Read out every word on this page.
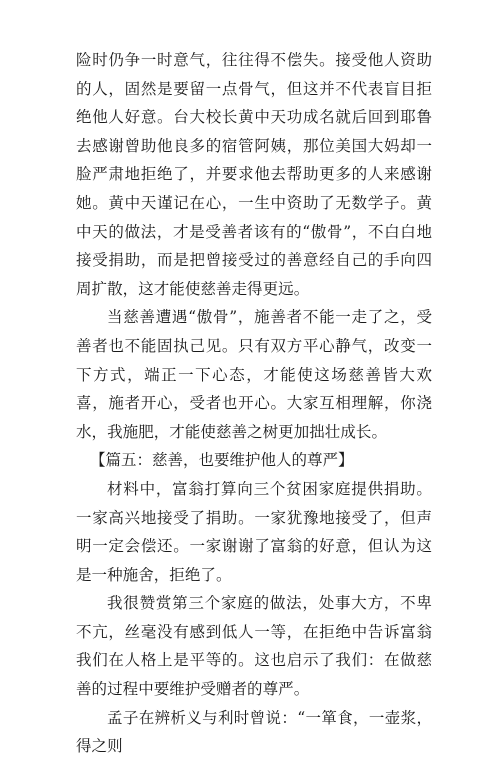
险时仍争一时意气，往往得不偿失。接受他人资助的人，固然是要留一点骨气，但这并不代表盲目拒绝他人好意。台大校长黄中天功成名就后回到耶鲁去感谢曾助他良多的宿管阿姨，那位美国大妈却一脸严肃地拒绝了，并要求他去帮助更多的人来感谢她。黄中天谨记在心，一生中资助了无数学子。黄中天的做法，才是受善者该有的“傲骨”，不白白地接受捐助，而是把曾接受过的善意经自己的手向四周扩散，这才能使慈善走得更远。

当慈善遭遇“傲骨”，施善者不能一走了之，受善者也不能固执己见。只有双方平心静气，改变一下方式，端正一下心态，才能使这场慈善皆大欢喜，施者开心，受者也开心。大家互相理解，你浇水，我施肥，才能使慈善之树更加拙壮成长。

【篇五：慈善，也要维护他人的尊严】

材料中，富翁打算向三个贫困家庭提供捐助。一家高兴地接受了捐助。一家犹豫地接受了，但声明一定会偿还。一家谢谢了富翁的好意，但认为这是一种施舍，拒绝了。

我很赞赏第三个家庭的做法，处事大方，不卑不亢，丝毫没有感到低人一等，在拒绝中告诉富翁我们在人格上是平等的。这也启示了我们：在做慈善的过程中要维护受赠者的尊严。

孟子在辨析义与利时曾说：“一箪食，一壶浆，得之则
